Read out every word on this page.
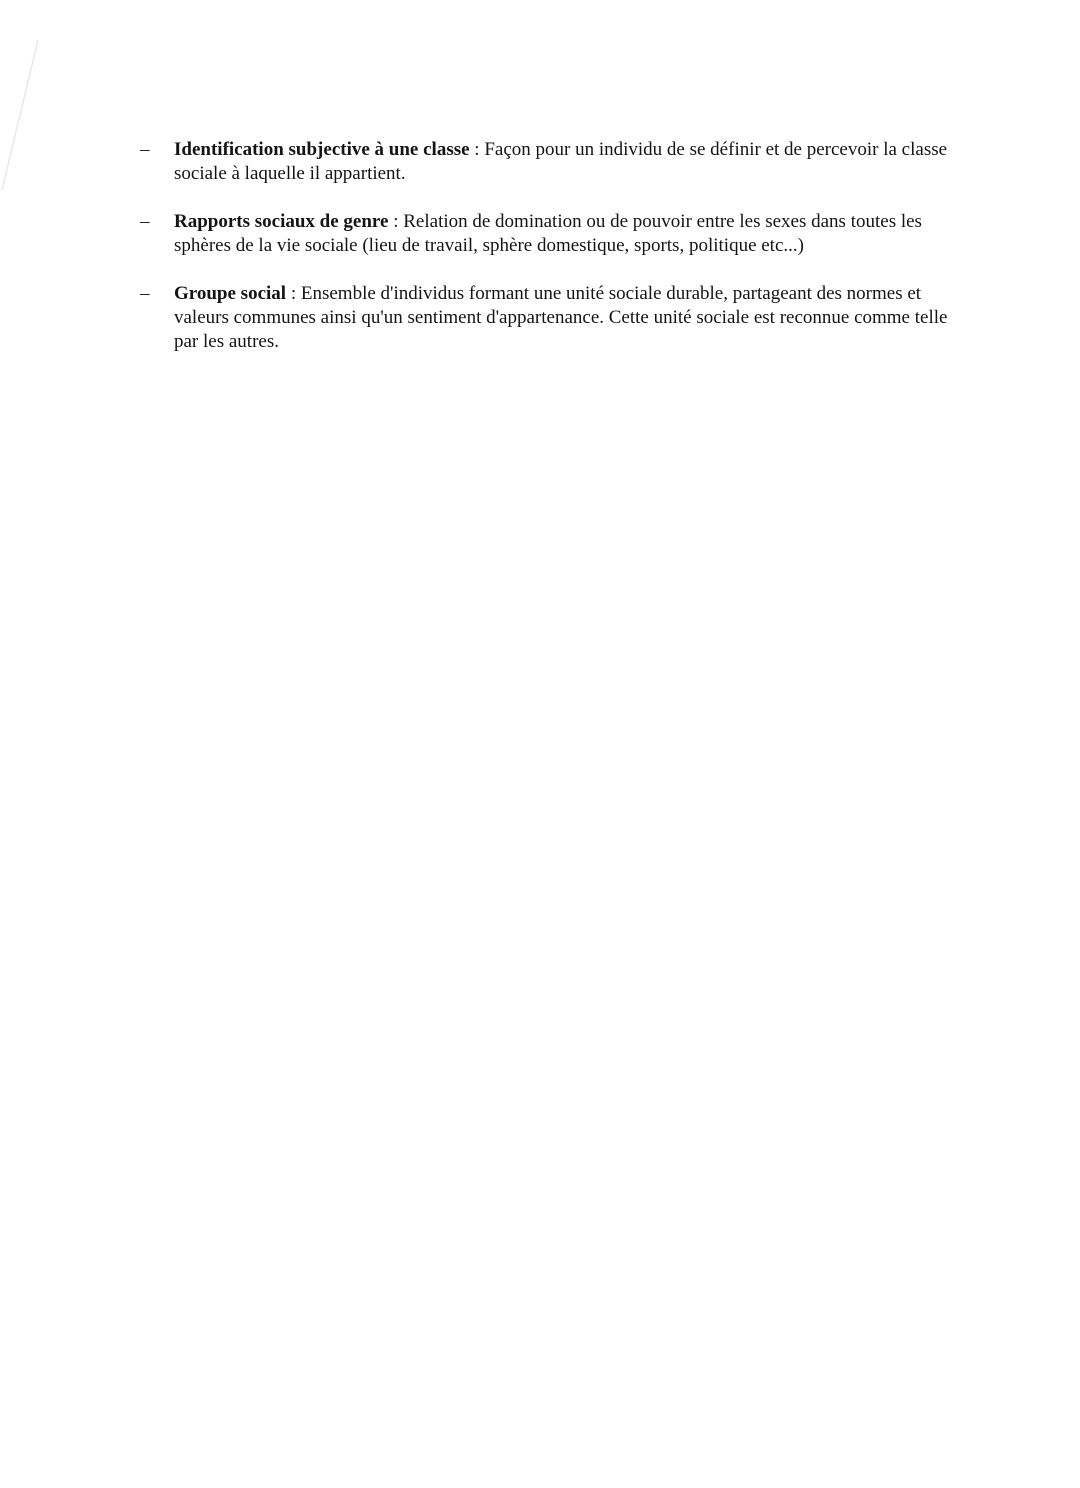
–	Identification subjective à une classe : Façon pour un individu de se définir et de percevoir la classe sociale à laquelle il appartient.
–	Rapports sociaux de genre : Relation de domination ou de pouvoir entre les sexes dans toutes les sphères de la vie sociale (lieu de travail, sphère domestique, sports, politique etc...)
–	Groupe social : Ensemble d'individus formant une unité sociale durable, partageant des normes et valeurs communes ainsi qu'un sentiment d'appartenance. Cette unité sociale est reconnue comme telle par les autres.
